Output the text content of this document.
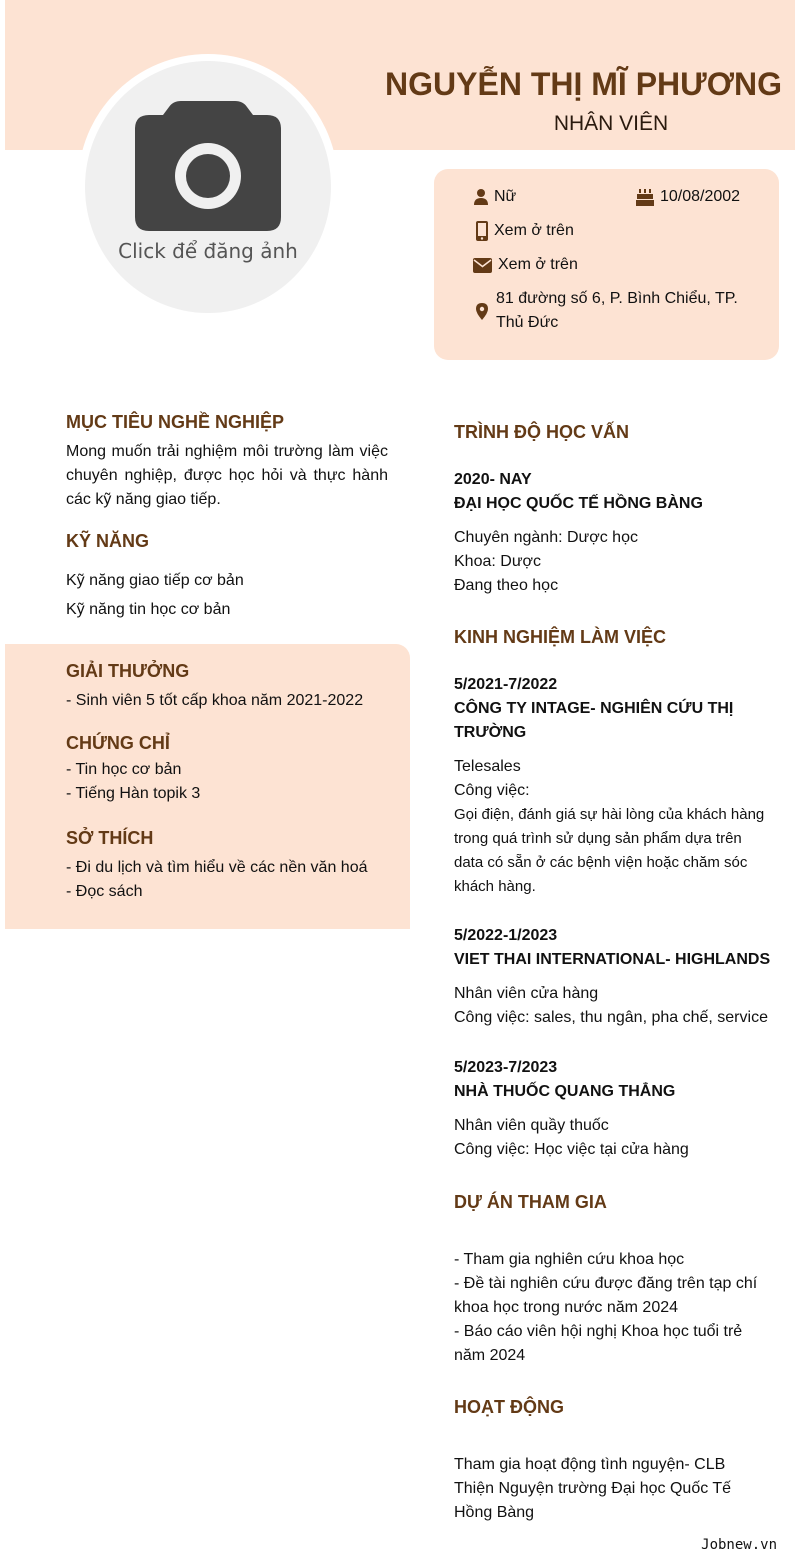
Click để đăng ảnh
NGUYỄN THỊ MĨ PHƯƠNG
NHÂN VIÊN
Nữ	10/08/2002
Xem ở trên
Xem ở trên
81 đường số 6, P. Bình Chiểu, TP. Thủ Đức
MỤC TIÊU NGHỀ NGHIỆP
Mong muốn trải nghiệm môi trường làm việc chuyên nghiệp, được học hỏi và thực hành các kỹ năng giao tiếp.
KỸ NĂNG
Kỹ năng giao tiếp cơ bản
Kỹ năng tin học cơ bản
GIẢI THƯỞNG
- Sinh viên 5 tốt cấp khoa năm 2021-2022
CHỨNG CHỈ
- Tin học cơ bản
- Tiếng Hàn topik 3
SỞ THÍCH
- Đi du lịch và tìm hiểu về các nền văn hoá
- Đọc sách
TRÌNH ĐỘ HỌC VẤN
2020- NAY
ĐẠI HỌC QUỐC TẾ HỒNG BÀNG
Chuyên ngành: Dược học
Khoa: Dược
Đang theo học
KINH NGHIỆM LÀM VIỆC
5/2021-7/2022
CÔNG TY INTAGE- NGHIÊN CỨU THỊ TRƯỜNG
Telesales
Công việc:
Gọi điện, đánh giá sự hài lòng của khách hàng trong quá trình sử dụng sản phẩm dựa trên data có sẵn ở các bệnh viện hoặc chăm sóc khách hàng.
5/2022-1/2023
VIET THAI INTERNATIONAL- HIGHLANDS
Nhân viên cửa hàng
Công việc: sales, thu ngân, pha chế, service
5/2023-7/2023
NHÀ THUỐC QUANG THẲNG
Nhân viên quầy thuốc
Công việc: Học việc tại cửa hàng
DỰ ÁN THAM GIA
- Tham gia nghiên cứu khoa học
- Đề tài nghiên cứu được đăng trên tạp chí khoa học trong nước năm 2024
- Báo cáo viên hội nghị Khoa học tuổi trẻ năm 2024
HOẠT ĐỘNG
Tham gia hoạt động tình nguyện- CLB Thiện Nguyện trường Đại học Quốc Tế Hồng Bàng
Jobnew.vn
